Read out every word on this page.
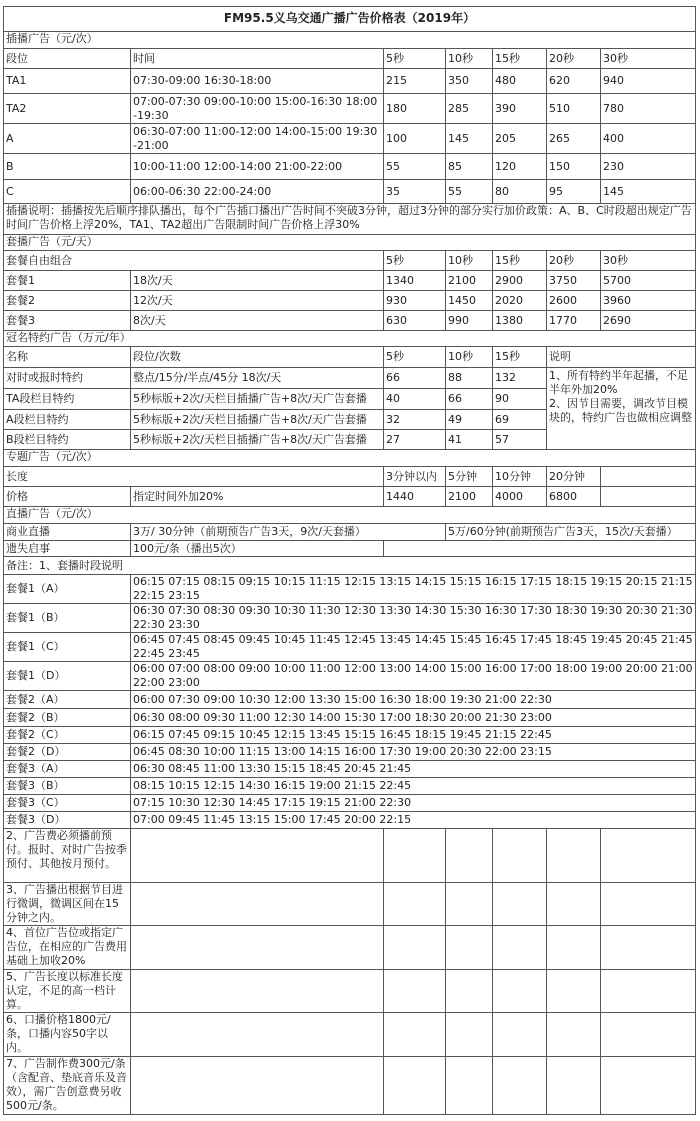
FM95.5义乌交通广播广告价格表（2019年）						
插播广告（元/次）						
段位	时间	5秒	10秒	15秒	20秒	30秒
TA1	07:30-09:00 16:30-18:00	215	350	480	620	940
TA2	07:00-07:30 09:00-10:00 15:00-16:30 18:00-19:30	180	285	390	510	780
A	06:30-07:00 11:00-12:00 14:00-15:00 19:30-21:00	100	145	205	265	400
B	10:00-11:00 12:00-14:00 21:00-22:00	55	85	120	150	230
C	06:00-06:30 22:00-24:00	35	55	80	95	145
插播说明：插播按先后顺序排队播出，每个广告插口播出广告时间不突破3分钟，超过3分钟的部分实行加价政策：A、B、C时段超出规定广告时间广告价格上浮20%，TA1、TA2超出广告限制时间广告价格上浮30%						
套播广告（元/天）						
套餐自由组合		5秒	10秒	15秒	20秒	30秒
套餐1	18次/天	1340	2100	2900	3750	5700
套餐2	12次/天	930	1450	2020	2600	3960
套餐3	8次/天	630	990	1380	1770	2690
冠名特约广告（万元/年）						
名称	段位/次数	5秒	10秒	15秒	说明	
对时或报时特约	整点/15分/半点/45分 18次/天	66	88	132	1、所有特约半年起播，不足半年外加20%
2、因节目需要，调改节目模块的，特约广告也做相应调整	
TA段栏目特约	5秒标版+2次/天栏目插播广告+8次/天广告套播	40	66	90		
A段栏目特约	5秒标版+2次/天栏目插播广告+8次/天广告套播	32	49	69		
B段栏目特约	5秒标版+2次/天栏目插播广告+8次/天广告套播	27	41	57		
专题广告（元/次）						
长度		3分钟以内	5分钟	10分钟	20分钟	
价格	指定时间外加20%	1440	2100	4000	6800	
直播广告（元/次）						
商业直播	3万/ 30分钟（前期预告广告3天，9次/天套播）		5万/60分钟(前期预告广告3天，15次/天套播）			
遗失启事	100元/条（播出5次）					
备注：1、套播时段说明						
套餐1（A）	06:15 07:15 08:15 09:15 10:15 11:15 12:15 13:15 14:15 15:15 16:15 17:15 18:15 19:15 20:15 21:15 22:15 23:15					
套餐1（B）	06:30 07:30 08:30 09:30 10:30 11:30 12:30 13:30 14:30 15:30 16:30 17:30 18:30 19:30 20:30 21:30 22:30 23:30					
套餐1（C）	06:45 07:45 08:45 09:45 10:45 11:45 12:45 13:45 14:45 15:45 16:45 17:45 18:45 19:45 20:45 21:45 22:45 23:45					
套餐1（D）	06:00 07:00 08:00 09:00 10:00 11:00 12:00 13:00 14:00 15:00 16:00 17:00 18:00 19:00 20:00 21:00 22:00 23:00					
套餐2（A）	06:00 07:30 09:00 10:30 12:00 13:30 15:00 16:30 18:00 19:30 21:00 22:30					
套餐2（B）	06:30 08:00 09:30 11:00 12:30 14:00 15:30 17:00 18:30 20:00 21:30 23:00					
套餐2（C）	06:15 07:45 09:15 10:45 12:15 13:45 15:15 16:45 18:15 19:45 21:15 22:45					
套餐2（D）	06:45 08:30 10:00 11:15 13:00 14:15 16:00 17:30 19:00 20:30 22:00 23:15					
套餐3（A）	06:30 08:45 11:00 13:30 15:15 18:45 20:45 21:45					
套餐3（B）	08:15 10:15 12:15 14:30 16:15 19:00 21:15 22:45					
套餐3（C）	07:15 10:30 12:30 14:45 17:15 19:15 21:00 22:30					
套餐3（D）	07:00 09:45 11:45 13:15 15:00 17:45 20:00 22:15					
2、广告费必须播前预付。报时、对时广告按季预付、其他按月预付。						
3、广告播出根据节目进行微调，微调区间在15分钟之内。						
4、首位广告位或指定广告位，在相应的广告费用基础上加收20%						
5、广告长度以标准长度认定，不足的高一档计算。						
6、口播价格1800元/条，口播内容50字以内。						
7、广告制作费300元/条（含配音、垫底音乐及音效），需广告创意费另收500元/条。						
